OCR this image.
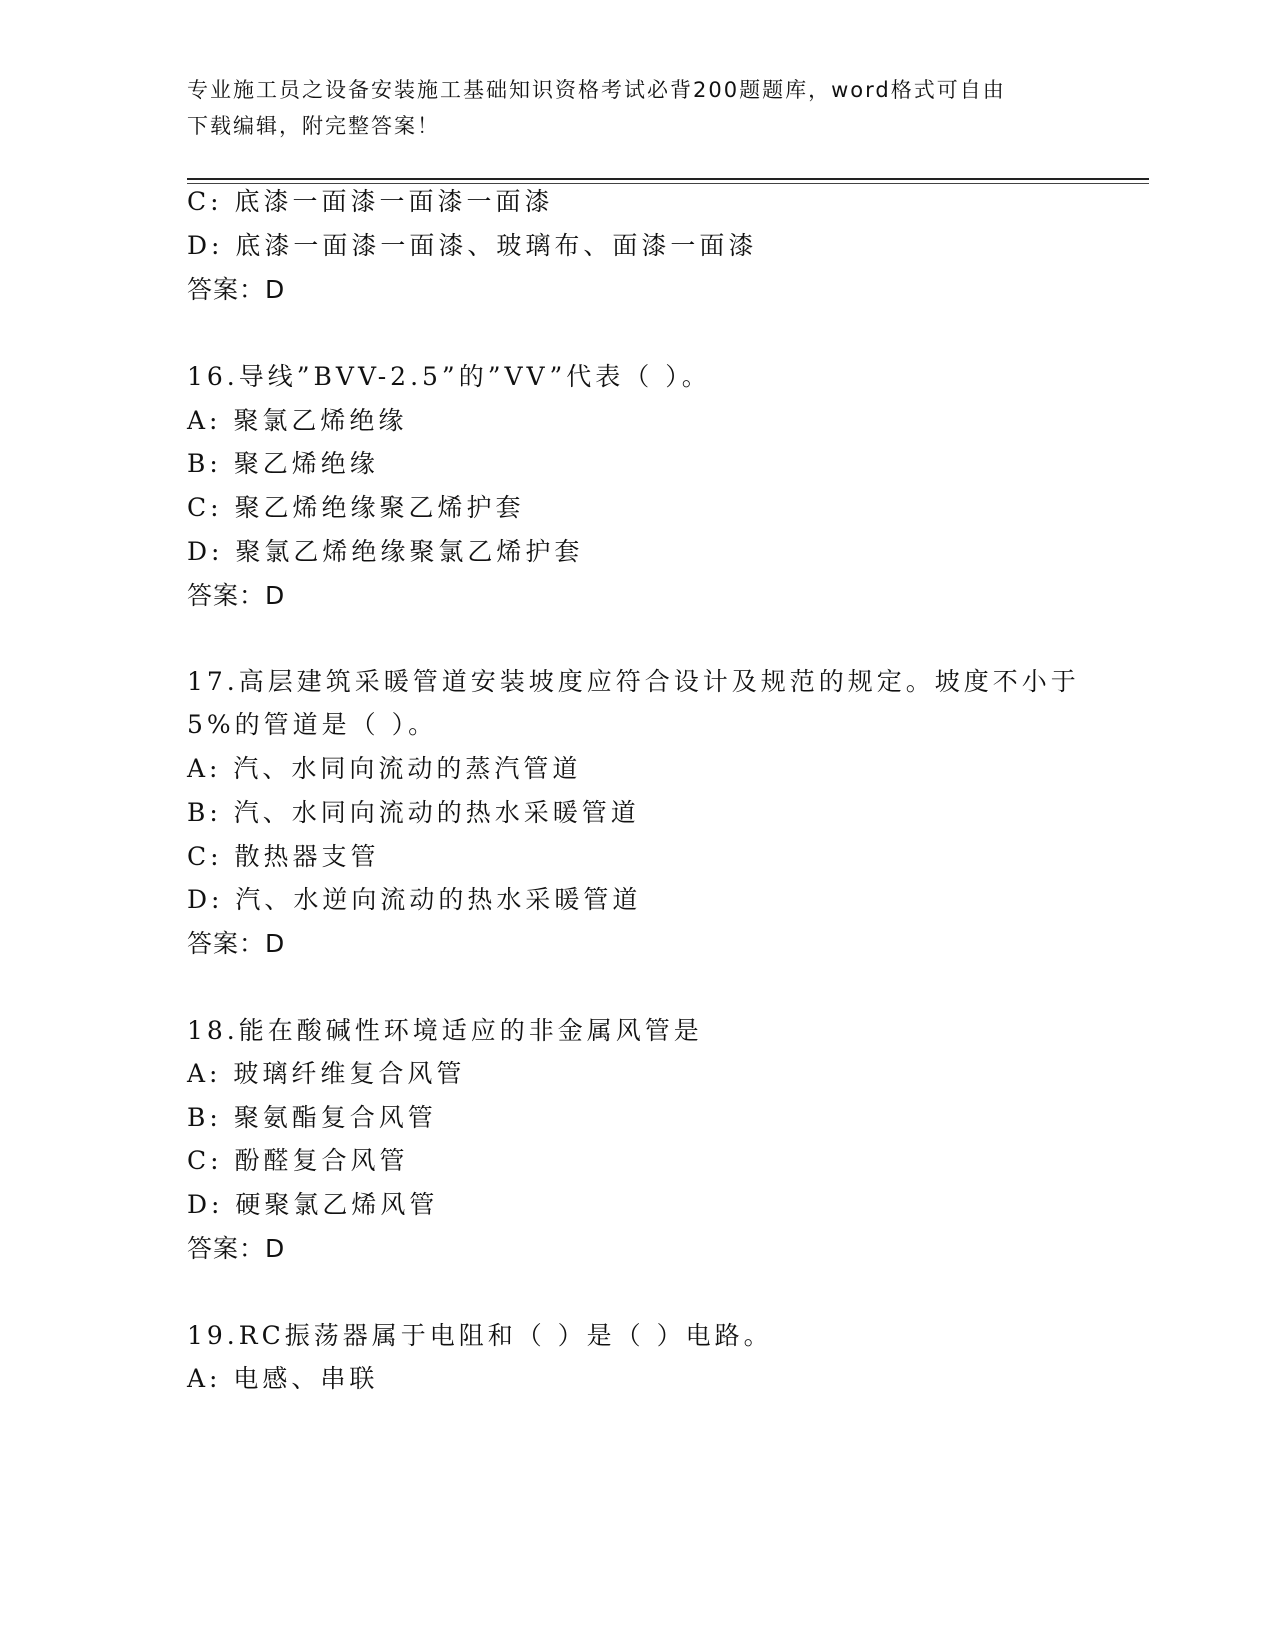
专业施工员之设备安装施工基础知识资格考试必背200题题库，word格式可自由
下载编辑，附完整答案！
C: 底漆一面漆一面漆一面漆
D: 底漆一面漆一面漆、玻璃布、面漆一面漆
答案：D
16.导线”BVV-2.5”的”VV”代表（ ）。
A: 聚氯乙烯绝缘
B: 聚乙烯绝缘
C: 聚乙烯绝缘聚乙烯护套
D: 聚氯乙烯绝缘聚氯乙烯护套
答案：D
17.高层建筑采暖管道安装坡度应符合设计及规范的规定。坡度不小于
5%的管道是（ ）。
A: 汽、水同向流动的蒸汽管道
B: 汽、水同向流动的热水采暖管道
C: 散热器支管
D: 汽、水逆向流动的热水采暖管道
答案：D
18.能在酸碱性环境适应的非金属风管是
A: 玻璃纤维复合风管
B: 聚氨酯复合风管
C: 酚醛复合风管
D: 硬聚氯乙烯风管
答案：D
19.RC振荡器属于电阻和（ ）是（ ）电路。
A: 电感、串联
